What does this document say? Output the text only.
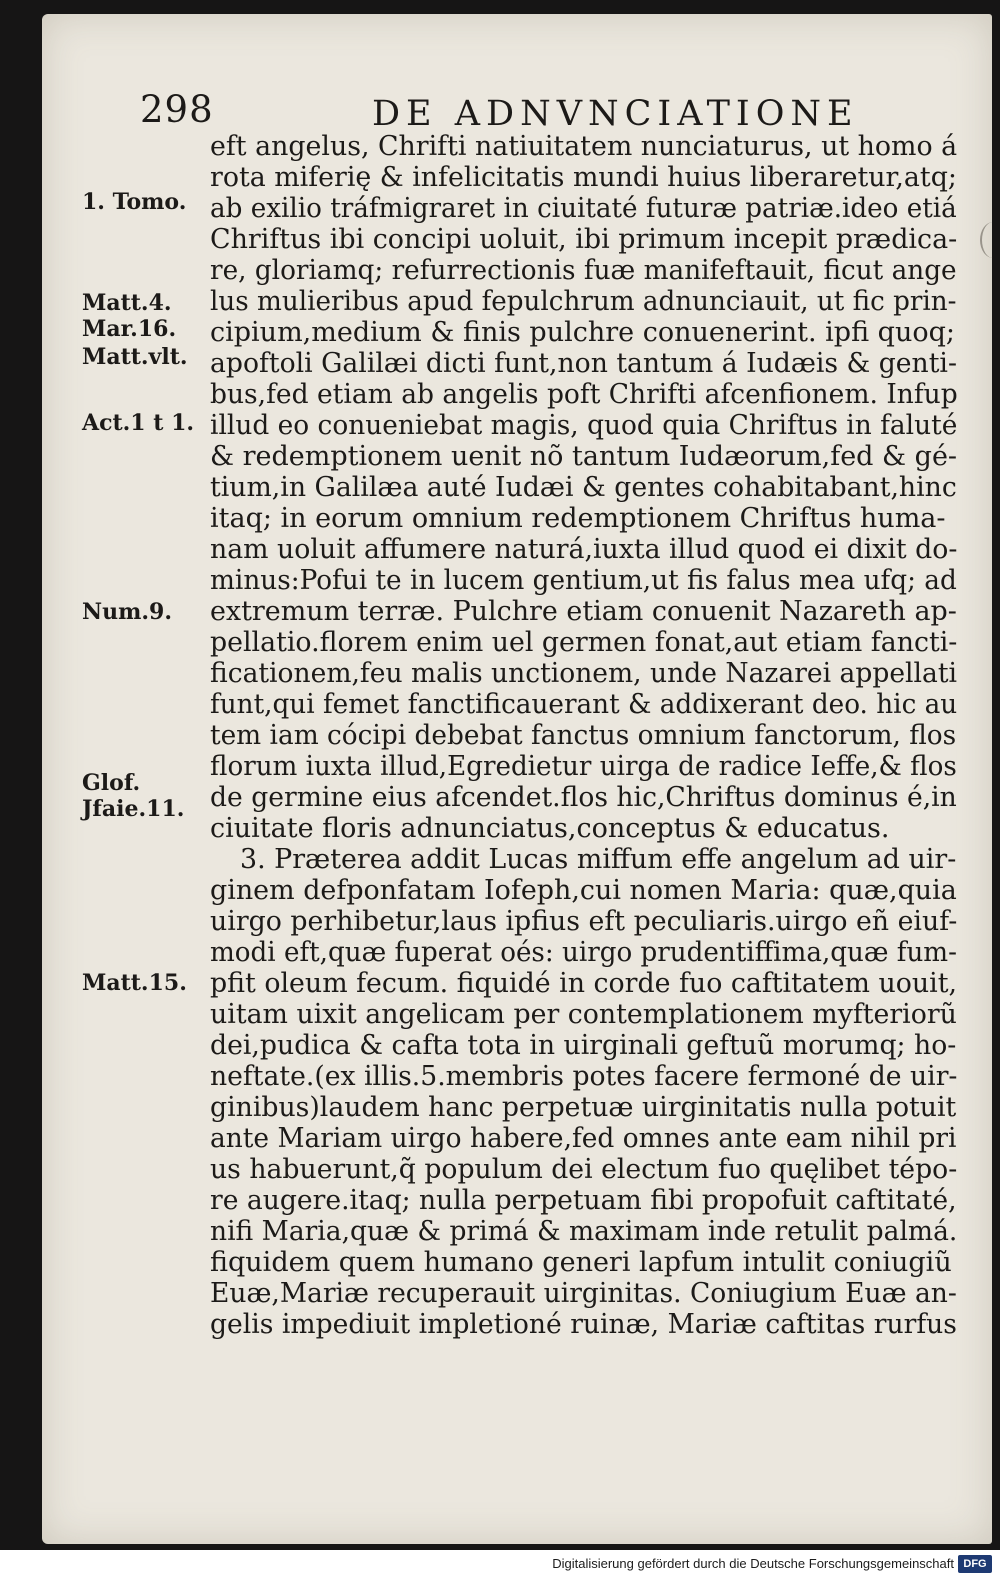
298	DE ADNVNCIATIONE
1. Tomo.
Matt.4.
Mar.16.
Matt.vlt.
Act.1 t 1.
Num.9.
Glof.
Jfaie.11.
Matt.15.
eft angelus, Chrifti natiuitatem nunciaturus, ut homo á
rota miferię & infelicitatis mundi huius liberaretur,atq;
ab exilio tráfmigraret in ciuitaté futuræ patriæ.ideo etiá
Chriftus ibi concipi uoluit, ibi primum incepit prædica-
re, gloriamq; refurrectionis fuæ manifeftauit, ficut ange
lus mulieribus apud fepulchrum adnunciauit, ut fic prin-
cipium,medium & finis pulchre conuenerint. ipfi quoq;
apoftoli Galilæi dicti funt,non tantum á Iudæis & genti-
bus,fed etiam ab angelis poft Chrifti afcenfionem. Infup
illud eo conueniebat magis, quod quia Chriftus in faluté
& redemptionem uenit nõ tantum Iudæorum,fed & gé-
tium,in Galilæa auté Iudæi & gentes cohabitabant,hinc
itaq; in eorum omnium redemptionem Chriftus huma-
nam uoluit affumere naturá,iuxta illud quod ei dixit do-
minus:Pofui te in lucem gentium,ut fis falus mea ufq; ad
extremum terræ. Pulchre etiam conuenit Nazareth ap-
pellatio.florem enim uel germen fonat,aut etiam fancti-
ficationem,feu malis unctionem, unde Nazarei appellati
funt,qui femet fanctificauerant & addixerant deo. hic au
tem iam cócipi debebat fanctus omnium fanctorum, flos
florum iuxta illud,Egredietur uirga de radice Ieffe,& flos
de germine eius afcendet.flos hic,Chriftus dominus é,in
ciuitate floris adnunciatus,conceptus & educatus.
3. Præterea addit Lucas miffum effe angelum ad uir-
ginem defponfatam Iofeph,cui nomen Maria: quæ,quia
uirgo perhibetur,laus ipfius eft peculiaris.uirgo eñ eiuf-
modi eft,quæ fuperat oés: uirgo prudentiffima,quæ fum-
pfit oleum fecum. fiquidé in corde fuo caftitatem uouit,
uitam uixit angelicam per contemplationem myfteriorũ
dei,pudica & cafta tota in uirginali geftuũ morumq; ho-
neftate.(ex illis.5.membris potes facere fermoné de uir-
ginibus)laudem hanc perpetuæ uirginitatis nulla potuit
ante Mariam uirgo habere,fed omnes ante eam nihil pri
us habuerunt,q̃ populum dei electum fuo quęlibet tépo-
re augere.itaq; nulla perpetuam fibi propofuit caftitaté,
nifi Maria,quæ & primá & maximam inde retulit palmá.
fiquidem quem humano generi lapfum intulit coniugiũ
Euæ,Mariæ recuperauit uirginitas. Coniugium Euæ an-
gelis impediuit impletioné ruinæ, Mariæ caftitas rurfus
Digitalisierung gefördert durch die Deutsche Forschungsgemeinschaft DFG
